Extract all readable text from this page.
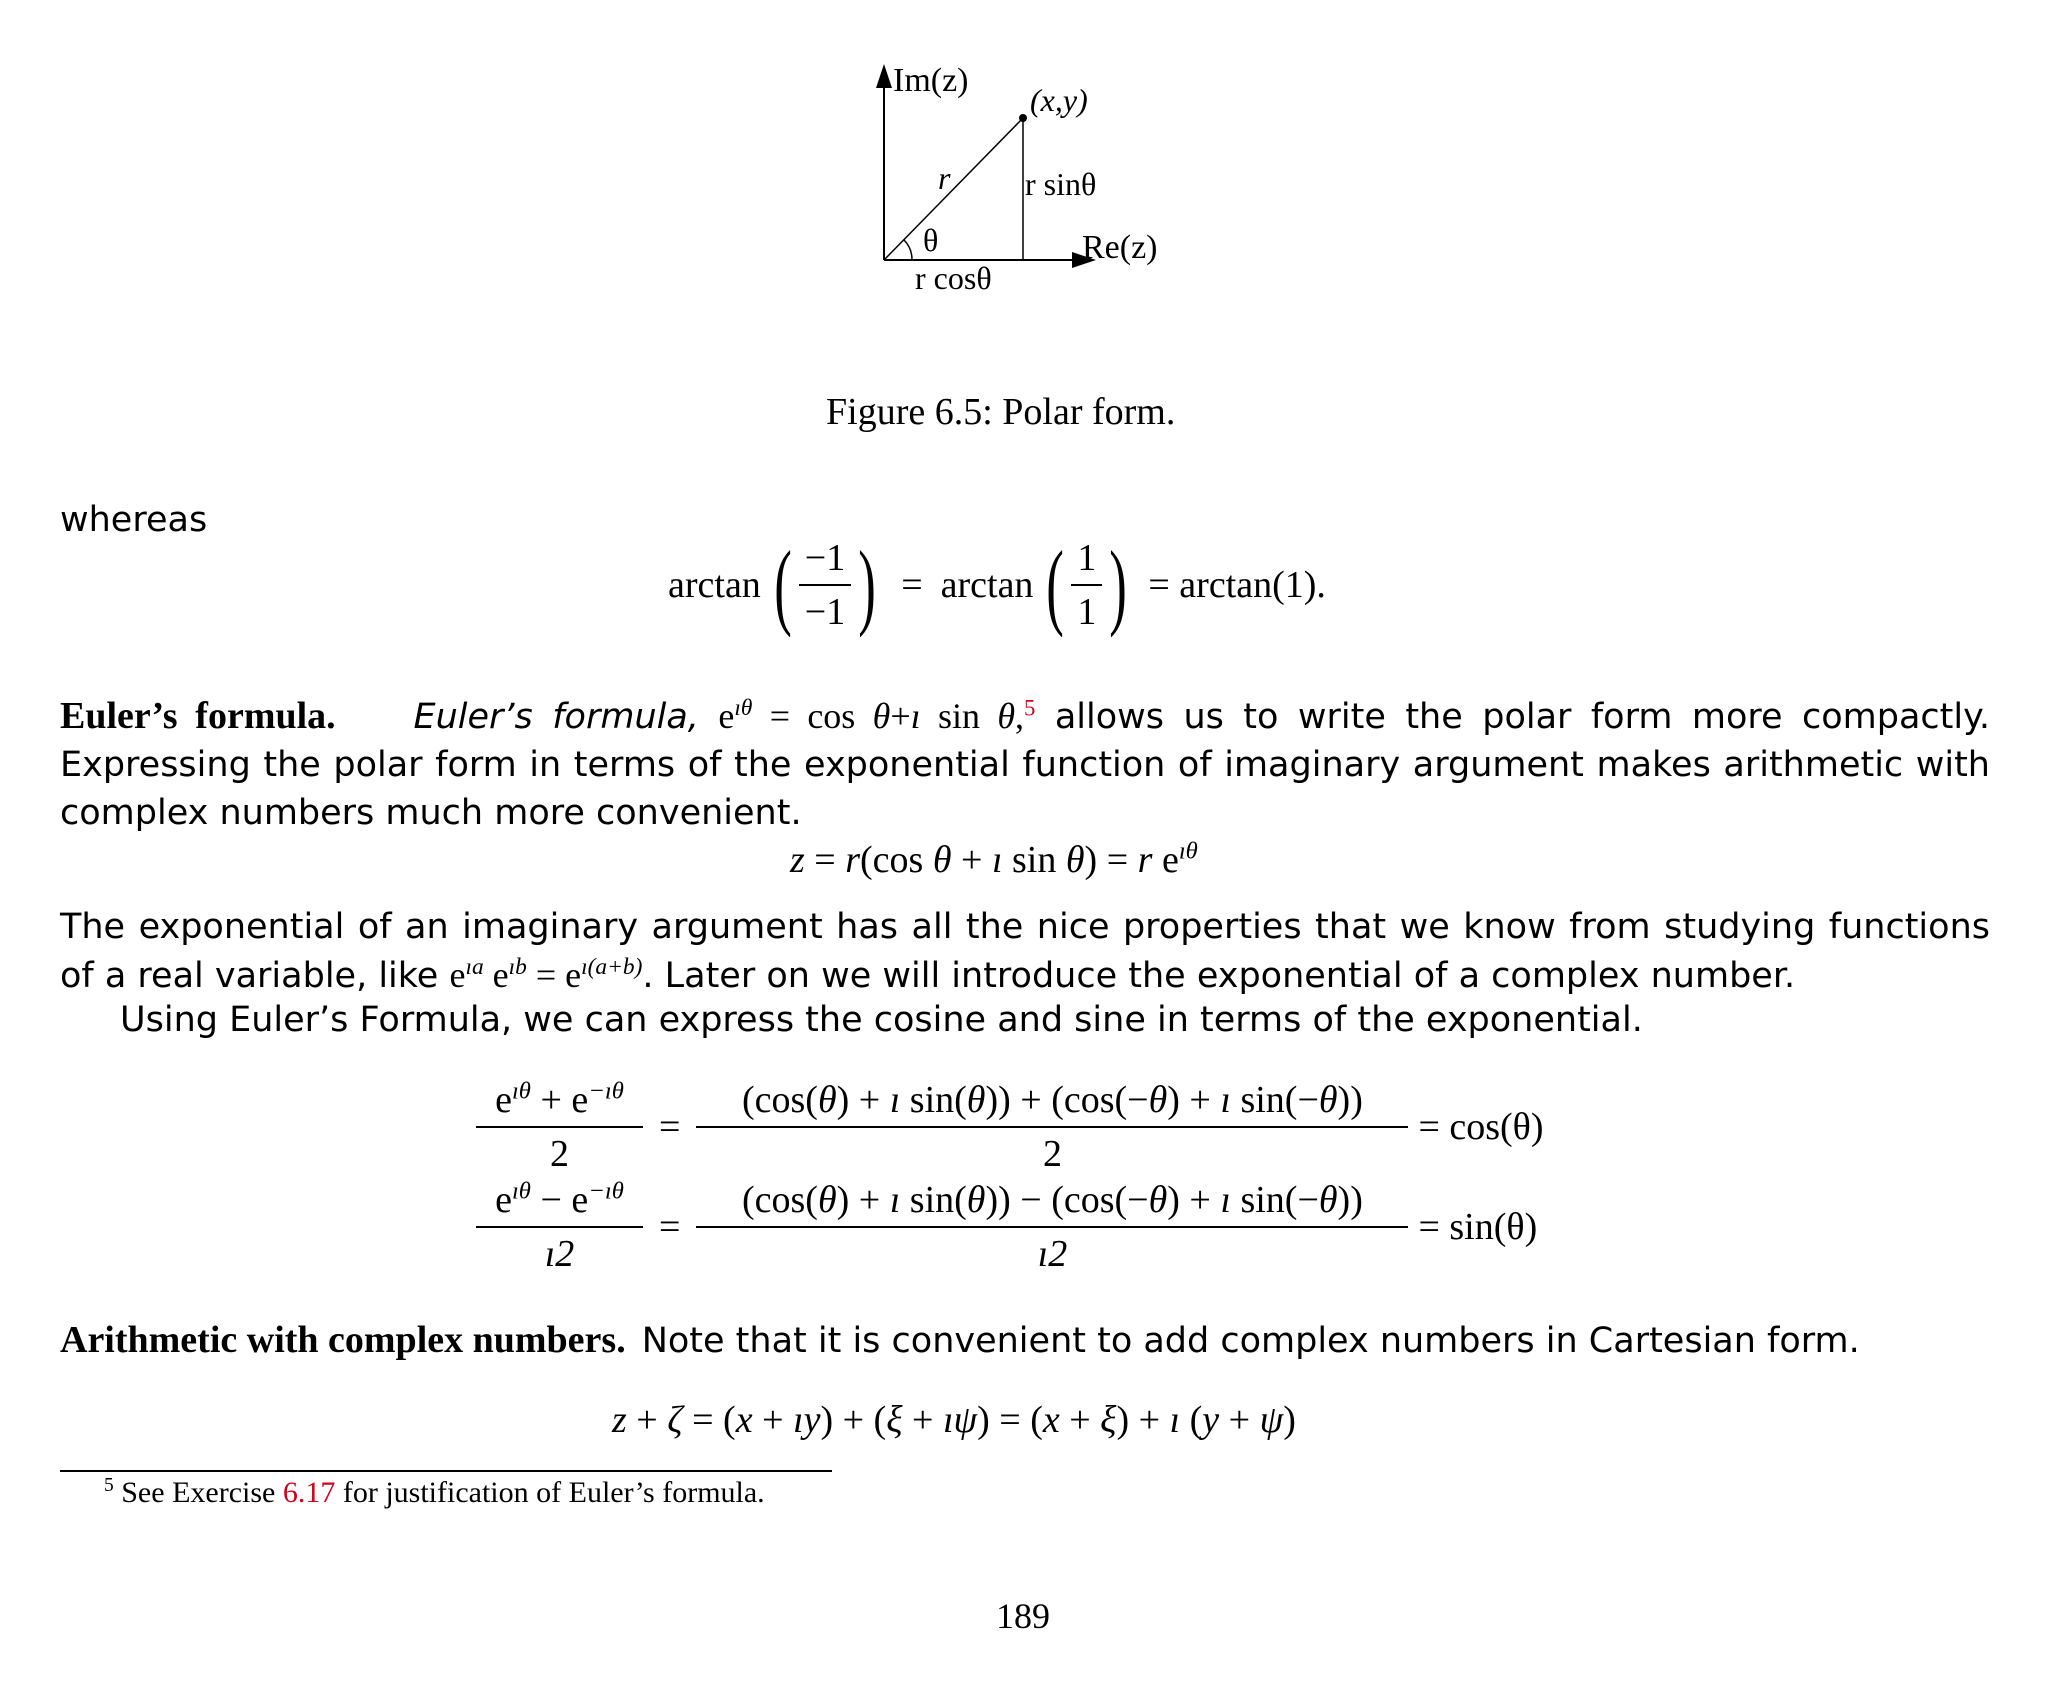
Im(z)
(x,y)
r r sinθ
θ	Re(z)
r cosθ
Figure 6.5: Polar form.
whereas
arctan ( $\frac{-1}{-1}$ ) = arctan ( $\frac{1}{1}$ ) = arctan(1).
Euler’s formula. Euler’s formula, $e^{ı\theta} = \cos$ θ+ı sin θ,$^5$ allows us to write the polar form more compactly. Expressing the polar form in terms of the exponential function of imaginary argument makes arithmetic with complex numbers much more convenient.
z = r(cos θ + ı sin θ) = r $e^{ı\theta}$
The exponential of an imaginary argument has all the nice properties that we know from studying functions of a real variable, like $e^{ıa}$ $e^{ıb} = e^{ı(a+b)}$. Later on we will introduce the exponential of a complex number.
Using Euler’s Formula, we can express the cosine and sine in terms of the exponential.
$\frac{e^{ı\theta} + e^{-ı\theta}}{2} = \frac{\text{(cos(θ) + ı sin(θ)) + (cos(−θ) + ı sin(−θ))}}{2} = \cos(\theta)$
$\frac{e^{ı\theta} - e^{-ı\theta}}{ı2} = \frac{\text{(cos(θ) + ı sin(θ)) − (cos(−θ) + ı sin(−θ))}}{ı2} = \sin(\theta)$
Arithmetic with complex numbers. Note that it is convenient to add complex numbers in Cartesian form.
z + ζ = (x + ıy) + (ξ + ıψ) = (x + ξ) + ı (y + ψ)
$^5$ See Exercise 6.17 for justification of Euler’s formula.
189
